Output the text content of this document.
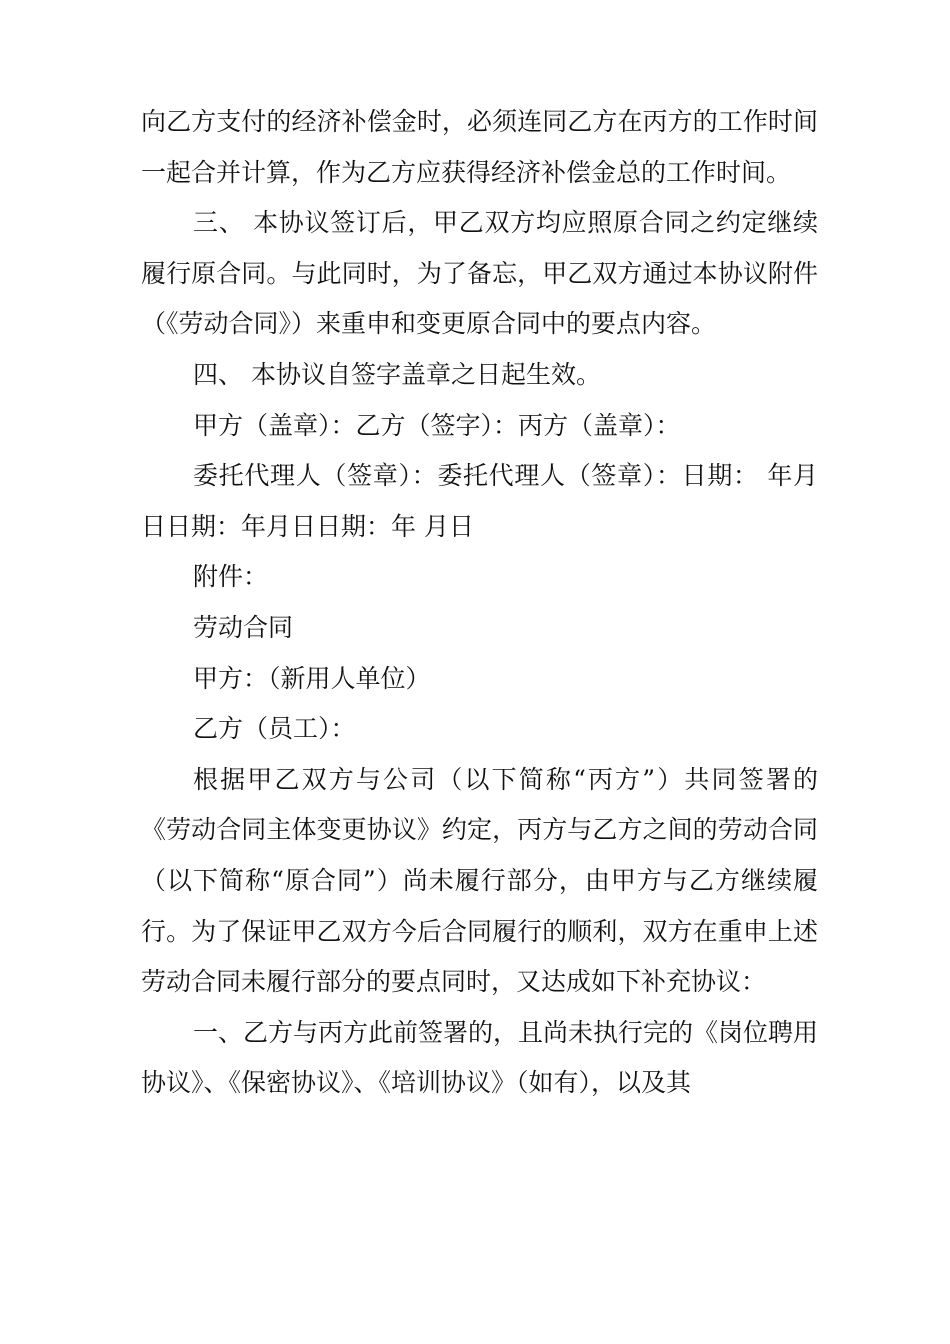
向乙方支付的经济补偿金时，必须连同乙方在丙方的工作时间一起合并计算，作为乙方应获得经济补偿金总的工作时间。

三、 本协议签订后，甲乙双方均应照原合同之约定继续履行原合同。与此同时，为了备忘，甲乙双方通过本协议附件（《劳动合同》）来重申和变更原合同中的要点内容。

四、 本协议自签字盖章之日起生效。

甲方（盖章）：乙方（签字）：丙方（盖章）：

委托代理人（签章）：委托代理人（签章）：日期： 年月日日期：年月日日期：年 月日

附件：

劳动合同

甲方：（新用人单位）

乙方（员工）：

根据甲乙双方与公司（以下简称“丙方”）共同签署的《劳动合同主体变更协议》约定，丙方与乙方之间的劳动合同（以下简称“原合同”）尚未履行部分，由甲方与乙方继续履行。为了保证甲乙双方今后合同履行的顺利，双方在重申上述劳动合同未履行部分的要点同时，又达成如下补充协议：

一、乙方与丙方此前签署的，且尚未执行完的《岗位聘用协议》、《保密协议》、《培训协议》（如有），以及其
